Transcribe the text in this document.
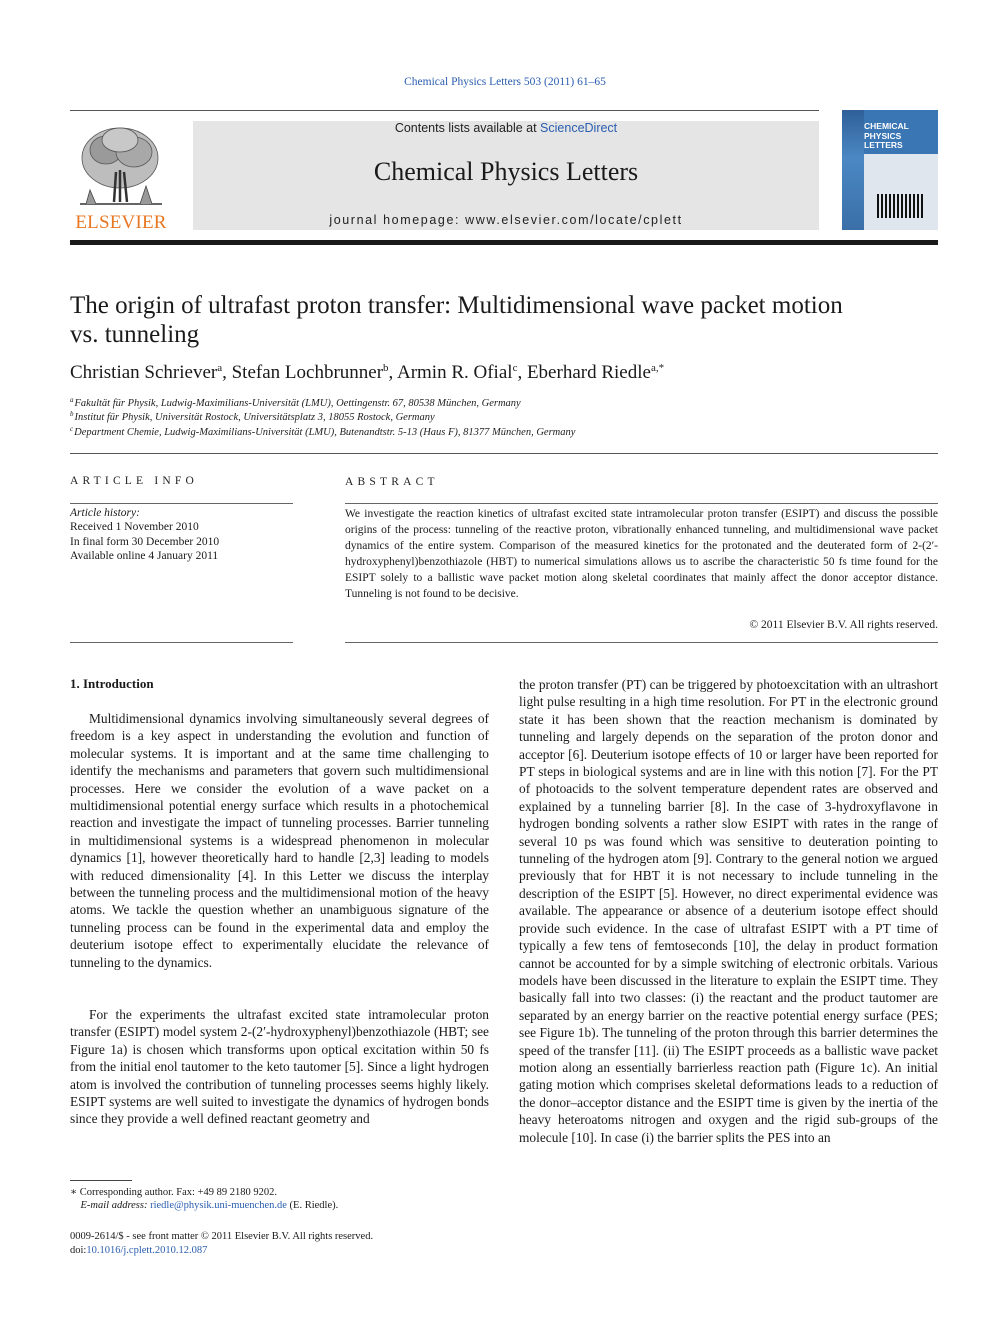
Chemical Physics Letters 503 (2011) 61–65
ELSEVIER
Contents lists available at ScienceDirect
Chemical Physics Letters
journal homepage: www.elsevier.com/locate/cplett
CHEMICAL PHYSICS LETTERS
The origin of ultrafast proton transfer: Multidimensional wave packet motion vs. tunneling
Christian Schriever$^a$, Stefan Lochbrunner$^b$, Armin R. Ofial$^c$, Eberhard Riedle$^{a,*}$
$^a$Fakultät für Physik, Ludwig-Maximilians-Universität (LMU), Oettingenstr. 67, 80538 München, Germany
$^b$Institut für Physik, Universität Rostock, Universitätsplatz 3, 18055 Rostock, Germany
$^c$Department Chemie, Ludwig-Maximilians-Universität (LMU), Butenandtstr. 5-13 (Haus F), 81377 München, Germany
ARTICLE INFO
Article history:
Received 1 November 2010
In final form 30 December 2010
Available online 4 January 2011
ABSTRACT
We investigate the reaction kinetics of ultrafast excited state intramolecular proton transfer (ESIPT) and discuss the possible origins of the process: tunneling of the reactive proton, vibrationally enhanced tunneling, and multidimensional wave packet dynamics of the entire system. Comparison of the measured kinetics for the protonated and the deuterated form of 2-(2′-hydroxyphenyl)benzothiazole (HBT) to numerical simulations allows us to ascribe the characteristic 50 fs time found for the ESIPT solely to a ballistic wave packet motion along skeletal coordinates that mainly affect the donor acceptor distance. Tunneling is not found to be decisive.
© 2011 Elsevier B.V. All rights reserved.
1. Introduction

Multidimensional dynamics involving simultaneously several degrees of freedom is a key aspect in understanding the evolution and function of molecular systems. It is important and at the same time challenging to identify the mechanisms and parameters that govern such multidimensional processes. Here we consider the evolution of a wave packet on a multidimensional potential energy surface which results in a photochemical reaction and investigate the impact of tunneling processes. Barrier tunneling in multidimensional systems is a widespread phenomenon in molecular dynamics [1], however theoretically hard to handle [2,3] leading to models with reduced dimensionality [4]. In this Letter we discuss the interplay between the tunneling process and the multidimensional motion of the heavy atoms. We tackle the question whether an unambiguous signature of the tunneling process can be found in the experimental data and employ the deuterium isotope effect to experimentally elucidate the relevance of tunneling to the dynamics.

For the experiments the ultrafast excited state intramolecular proton transfer (ESIPT) model system 2-(2′-hydroxyphenyl)benzothiazole (HBT; see Figure 1a) is chosen which transforms upon optical excitation within 50 fs from the initial enol tautomer to the keto tautomer [5]. Since a light hydrogen atom is involved the contribution of tunneling processes seems highly likely. ESIPT systems are well suited to investigate the dynamics of hydrogen bonds since they provide a well defined reactant geometry and

the proton transfer (PT) can be triggered by photoexcitation with an ultrashort light pulse resulting in a high time resolution. For PT in the electronic ground state it has been shown that the reaction mechanism is dominated by tunneling and largely depends on the separation of the proton donor and acceptor [6]. Deuterium isotope effects of 10 or larger have been reported for PT steps in biological systems and are in line with this notion [7]. For the PT of photoacids to the solvent temperature dependent rates are observed and explained by a tunneling barrier [8]. In the case of 3-hydroxyflavone in hydrogen bonding solvents a rather slow ESIPT with rates in the range of several 10 ps was found which was sensitive to deuteration pointing to tunneling of the hydrogen atom [9]. Contrary to the general notion we argued previously that for HBT it is not necessary to include tunneling in the description of the ESIPT [5]. However, no direct experimental evidence was available. The appearance or absence of a deuterium isotope effect should provide such evidence. In the case of ultrafast ESIPT with a PT time of typically a few tens of femtoseconds [10], the delay in product formation cannot be accounted for by a simple switching of electronic orbitals. Various models have been discussed in the literature to explain the ESIPT time. They basically fall into two classes: (i) the reactant and the product tautomer are separated by an energy barrier on the reactive potential energy surface (PES; see Figure 1b). The tunneling of the proton through this barrier determines the speed of the transfer [11]. (ii) The ESIPT proceeds as a ballistic wave packet motion along an essentially barrierless reaction path (Figure 1c). An initial gating motion which comprises skeletal deformations leads to a reduction of the donor–acceptor distance and the ESIPT time is given by the inertia of the heavy heteroatoms nitrogen and oxygen and the rigid sub-groups of the molecule [10]. In case (i) the barrier splits the PES into an

∗ Corresponding author. Fax: +49 89 2180 9202.
E-mail address: riedle@physik.uni-muenchen.de (E. Riedle).
0009-2614/$ - see front matter © 2011 Elsevier B.V. All rights reserved.
doi:10.1016/j.cplett.2010.12.087
